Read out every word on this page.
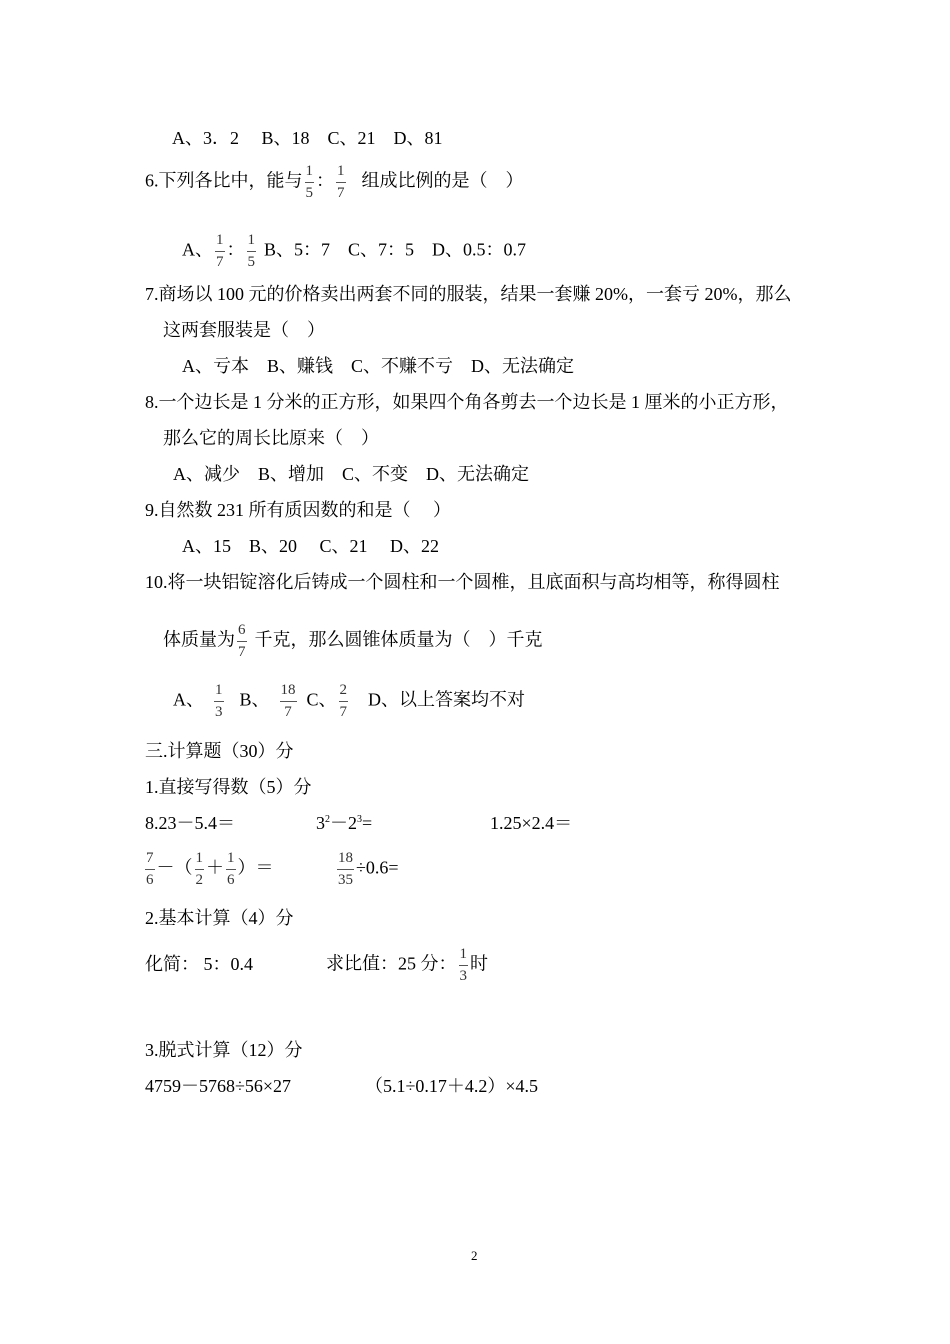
A、3．2　 B、18　C、21　D、81
6.下列各比中，能与 $\frac{1}{5}$ ： $\frac{1}{7}$ 组成比例的是（　）
A、 $\frac{1}{7}$ ： $\frac{1}{5}$ B、5：7　C、7：5　D、0.5：0.7
7.商场以 100 元的价格卖出两套不同的服装，结果一套赚 20%，一套亏 20%，那么
这两套服装是（　）
A、亏本　B、赚钱　C、不赚不亏　D、无法确定
8.一个边长是 1 分米的正方形，如果四个角各剪去一个边长是 1 厘米的小正方形，
那么它的周长比原来（　）
A、减少　B、增加　C、不变　D、无法确定
9.自然数 231 所有质因数的和是（　 ）
A、15　B、20　 C、21　 D、22
10.将一块铝锭溶化后铸成一个圆柱和一个圆椎，且底面积与高均相等，称得圆柱
体质量为 $\frac{6}{7}$ 千克，那么圆锥体质量为（　）千克
A、 $\frac{1}{3}$ B、 $\frac{18}{7}$ C、 $\frac{2}{7}$ D、以上答案均不对
三.计算题（30）分
1.直接写得数（5）分
8.23－5.4＝	$3^2-2^3=$	1.25×2.4＝
$\frac{7}{6}$ －（ $\frac{1}{2} + \frac{1}{6}$ ）＝	$\frac{18}{35} \div 0.6=$
2.基本计算（4）分
化简： 5：0.4	求比值：25 分： $\frac{1}{3}$ 时
3.脱式计算（12）分
4759－5768÷56×27	（5.1÷0.17＋4.2）×4.5
2
